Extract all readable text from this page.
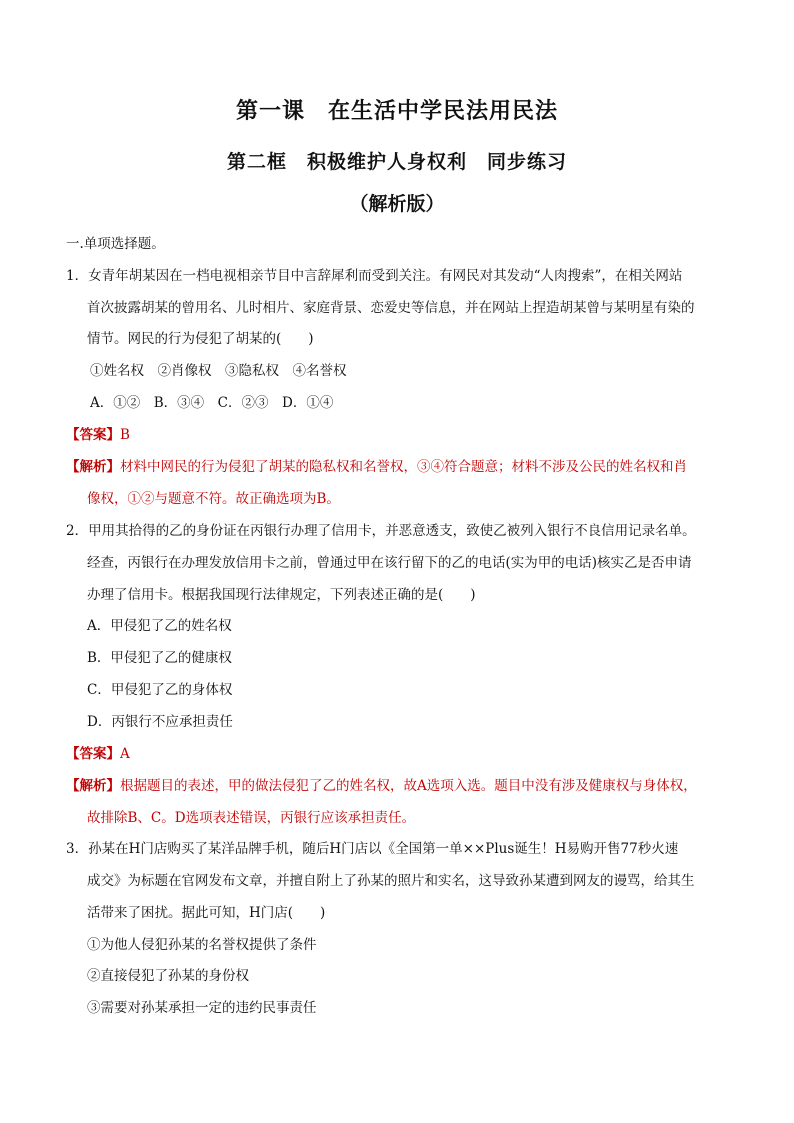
第一课　在生活中学民法用民法
第二框　积极维护人身权利　同步练习
（解析版）
一.单项选择题。
1．女青年胡某因在一档电视相亲节目中言辞犀利而受到关注。有网民对其发动“人肉搜索”，在相关网站
首次披露胡某的曾用名、儿时相片、家庭背景、恋爱史等信息，并在网站上捏造胡某曾与某明星有染的
情节。网民的行为侵犯了胡某的(　　)
①姓名权　②肖像权　③隐私权　④名誉权
A．①②　B．③④　C．②③　D．①④
【答案】B
【解析】材料中网民的行为侵犯了胡某的隐私权和名誉权，③④符合题意；材料不涉及公民的姓名权和肖
像权，①②与题意不符。故正确选项为B。
2．甲用其拾得的乙的身份证在丙银行办理了信用卡，并恶意透支，致使乙被列入银行不良信用记录名单。
经查，丙银行在办理发放信用卡之前，曾通过甲在该行留下的乙的电话(实为甲的电话)核实乙是否申请
办理了信用卡。根据我国现行法律规定，下列表述正确的是(　　)
A．甲侵犯了乙的姓名权
B．甲侵犯了乙的健康权
C．甲侵犯了乙的身体权
D．丙银行不应承担责任
【答案】A
【解析】根据题目的表述，甲的做法侵犯了乙的姓名权，故A选项入选。题目中没有涉及健康权与身体权，
故排除B、C。D选项表述错误，丙银行应该承担责任。
3．孙某在H门店购买了某洋品牌手机，随后H门店以《全国第一单××Plus诞生！H易购开售77秒火速
成交》为标题在官网发布文章，并擅自附上了孙某的照片和实名，这导致孙某遭到网友的谩骂，给其生
活带来了困扰。据此可知，H门店(　　)
①为他人侵犯孙某的名誉权提供了条件
②直接侵犯了孙某的身份权
③需要对孙某承担一定的违约民事责任
